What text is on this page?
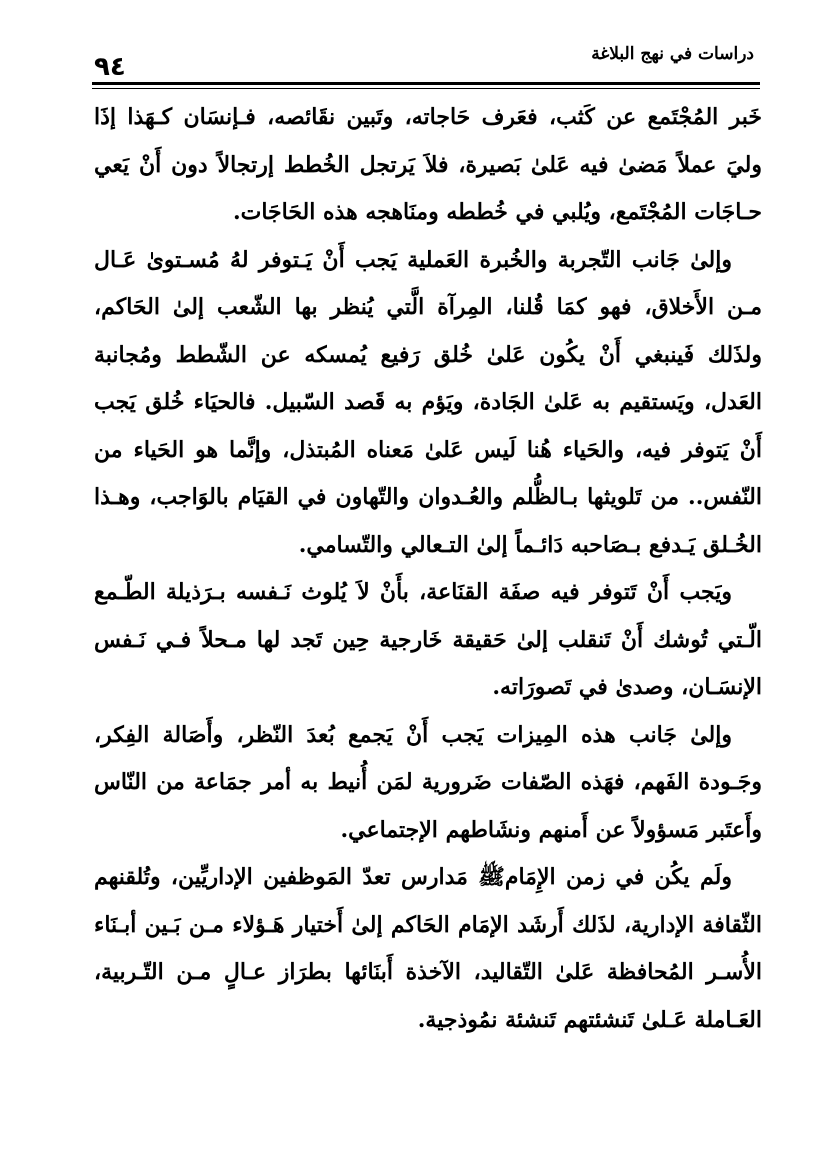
٩٤	دراسات في نهج البلاغة

خَبر المُجْتَمع عن كَثب، فعَرف حَاجاته، وتَبين نقَائصه، فـإنسَان كـهَذا إذَا وليَ عملاً مَضىٰ فيه عَلىٰ بَصيرة، فلاَ يَرتجل الخُطط إرتجالاً دون أَنْ يَعي حـاجَات المُجْتَمع، ويُلبي في خُططه ومنَاهجه هذه الحَاجَات.

وإلىٰ جَانب التّجربة والخُبرة العَملية يَجب أَنْ يَـتوفر لهُ مُسـتوىٰ عَـال مـن الأَخلاق، فهو كمَا قُلنا، المِرآة الَّتي يُنظر بها الشّعب إلىٰ الحَاكم، ولذَلك فَينبغي أَنْ يكُون عَلىٰ خُلق رَفيع يُمسكه عن الشّطط ومُجانبة العَدل، ويَستقيم به عَلىٰ الجَادة، ويَؤم به قَصد السّبيل. فالحيَاء خُلق يَجب أَنْ يَتوفر فيه، والحَياء هُنا لَيس عَلىٰ مَعناه المُبتذل، وإنَّما هو الحَياء من النّفس.. من تَلويثها بـالظُّلم والعُـدوان والتّهاون في القيَام بالوَاجب، وهـذا الخُـلق يَـدفع بـصَاحبه دَائـماً إلىٰ التـعالي والتّسامي.

ويَجب أَنْ تَتوفر فيه صفَة القنَاعة، بأَنْ لاَ يُلوث نَـفسه بـرَذيلة الطّـمع الّـتي تُوشك أَنْ تَنقلب إلىٰ حَقيقة خَارجية حِين تَجد لها مـحلاً فـي نَـفس الإنسَـان، وصدىٰ في تَصورَاته.

وإلىٰ جَانب هذه المِيزات يَجب أَنْ يَجمع بُعدَ النّظر، وأَصَالة الفِكر، وجَـودة الفَهم، فهَذه الصّفات ضَرورية لمَن أُنيط به أمر جمَاعة من النّاس وأَعتَبر مَسؤولاً عن أَمنهم ونشَاطهم الإجتماعي.

ولَم يكُن في زمن الإِمَامﷺ مَدارس تعدّ المَوظفين الإداريِّين، وتُلقنهم الثّقافة الإدارية، لذَلك أَرشَد الإمَام الحَاكم إلىٰ أَختيار هَـؤلاء مـن بَـين أبـنَاء الأُسـر المُحافظة عَلىٰ التّقاليد، الآخذة أَبنَائها بطرَاز عـالٍ مـن التّـربية، العَـاملة عَـلىٰ تَنشئتهم تَنشئة نمُوذجية.
